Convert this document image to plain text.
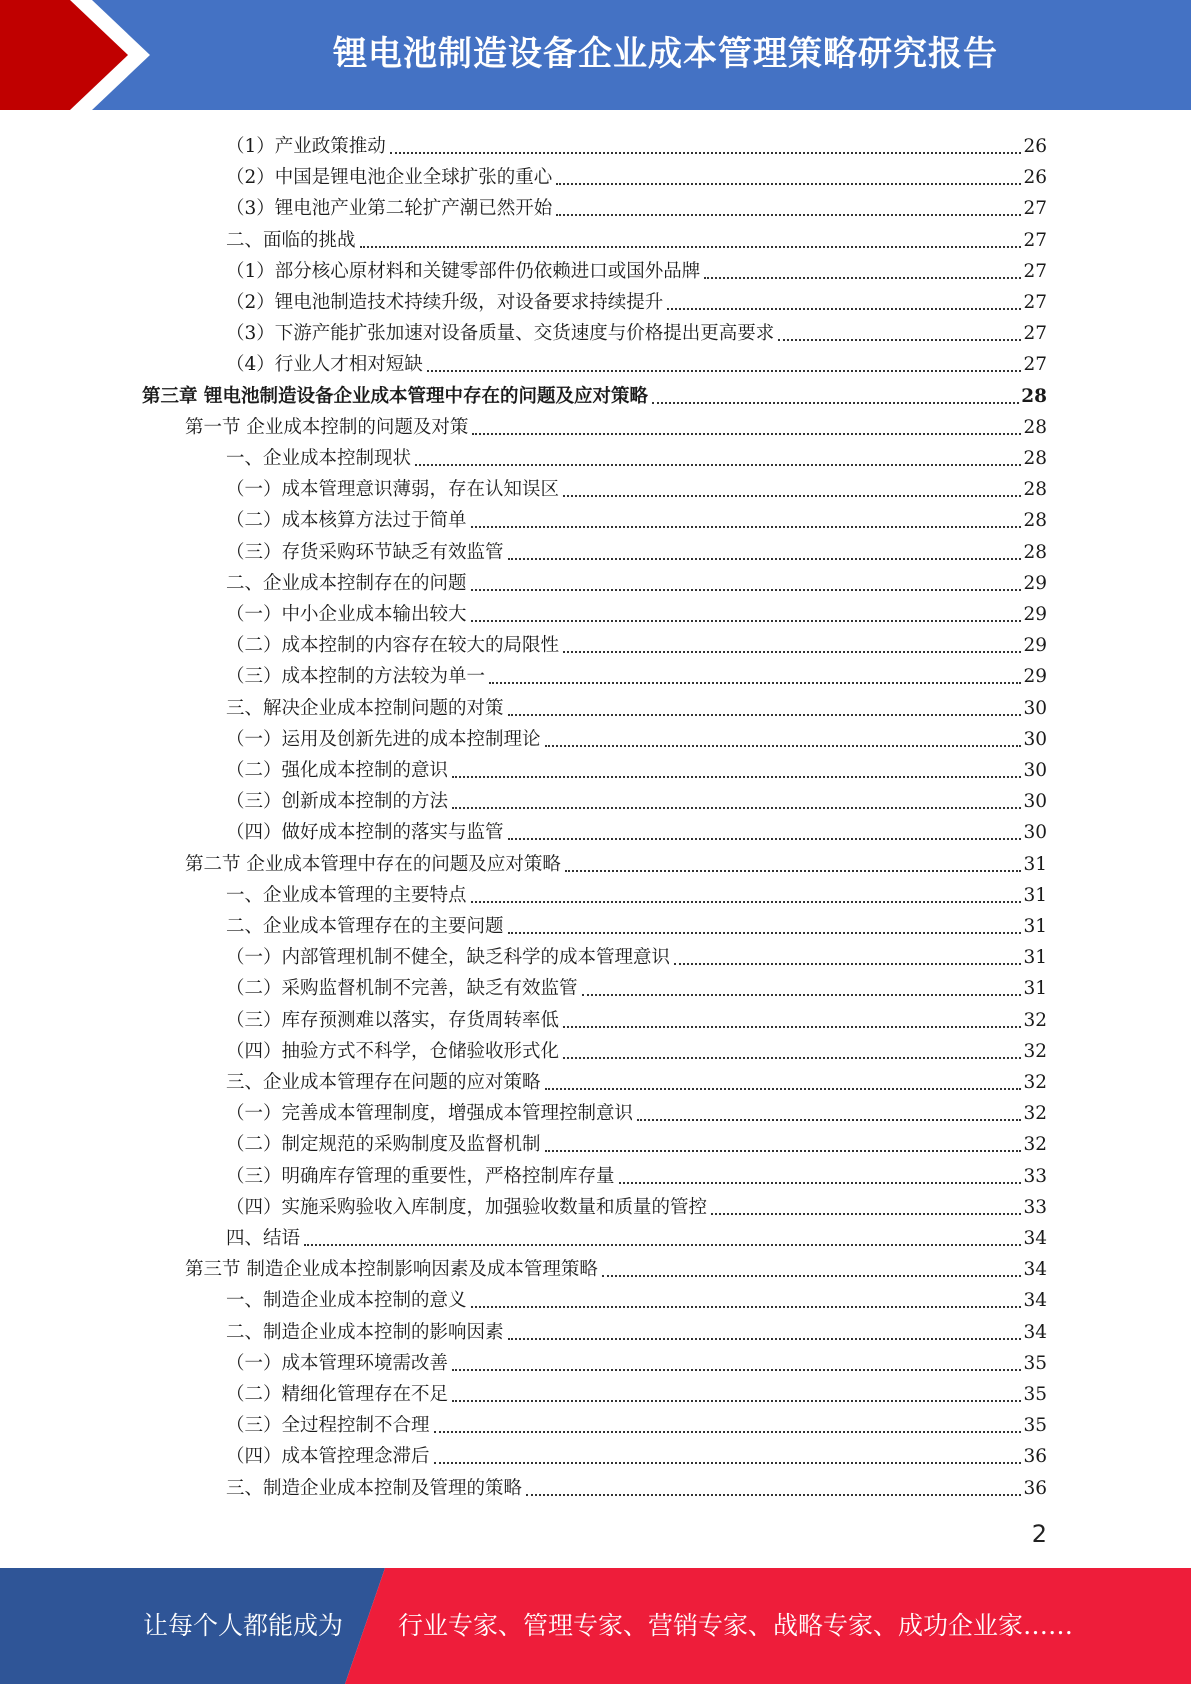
锂电池制造设备企业成本管理策略研究报告
（1）产业政策推动	26
（2）中国是锂电池企业全球扩张的重心	26
（3）锂电池产业第二轮扩产潮已然开始	27
二、面临的挑战	27
（1）部分核心原材料和关键零部件仍依赖进口或国外品牌	27
（2）锂电池制造技术持续升级，对设备要求持续提升	27
（3）下游产能扩张加速对设备质量、交货速度与价格提出更高要求	27
（4）行业人才相对短缺	27
第三章 锂电池制造设备企业成本管理中存在的问题及应对策略	28
第一节 企业成本控制的问题及对策	28
一、企业成本控制现状	28
（一）成本管理意识薄弱，存在认知误区	28
（二）成本核算方法过于简单	28
（三）存货采购环节缺乏有效监管	28
二、企业成本控制存在的问题	29
（一）中小企业成本输出较大	29
（二）成本控制的内容存在较大的局限性	29
（三）成本控制的方法较为单一	29
三、解决企业成本控制问题的对策	30
（一）运用及创新先进的成本控制理论	30
（二）强化成本控制的意识	30
（三）创新成本控制的方法	30
（四）做好成本控制的落实与监管	30
第二节 企业成本管理中存在的问题及应对策略	31
一、企业成本管理的主要特点	31
二、企业成本管理存在的主要问题	31
（一）内部管理机制不健全，缺乏科学的成本管理意识	31
（二）采购监督机制不完善，缺乏有效监管	31
（三）库存预测难以落实，存货周转率低	32
（四）抽验方式不科学，仓储验收形式化	32
三、企业成本管理存在问题的应对策略	32
（一）完善成本管理制度，增强成本管理控制意识	32
（二）制定规范的采购制度及监督机制	32
（三）明确库存管理的重要性，严格控制库存量	33
（四）实施采购验收入库制度，加强验收数量和质量的管控	33
四、结语	34
第三节 制造企业成本控制影响因素及成本管理策略	34
一、制造企业成本控制的意义	34
二、制造企业成本控制的影响因素	34
（一）成本管理环境需改善	35
（二）精细化管理存在不足	35
（三）全过程控制不合理	35
（四）成本管控理念滞后	36
三、制造企业成本控制及管理的策略	36
2
让每个人都能成为 行业专家、管理专家、营销专家、战略专家、成功企业家……
